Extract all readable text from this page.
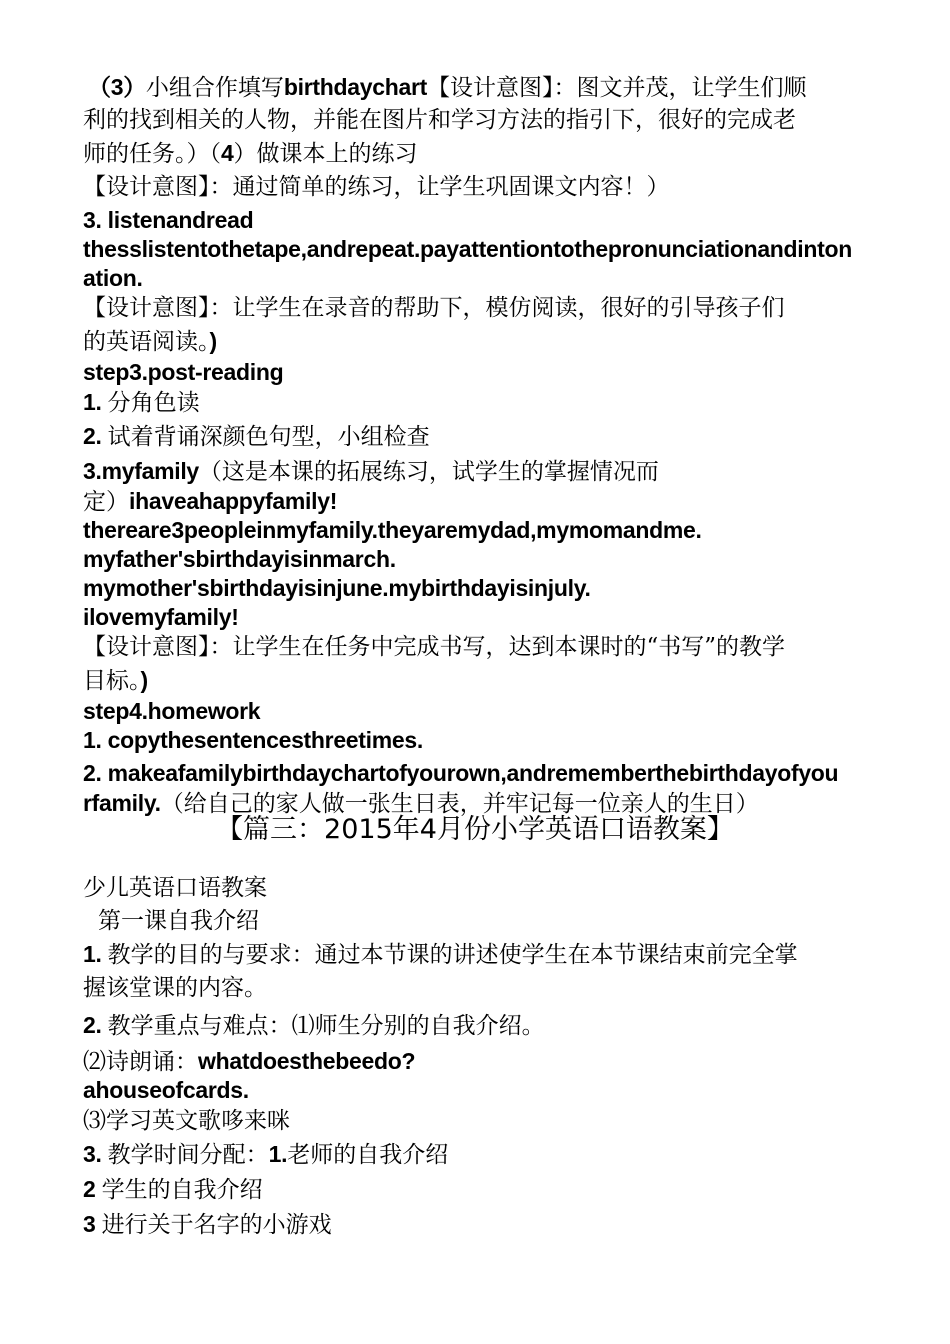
（3）小组合作填写birthdaychart【设计意图】：图文并茂，让学生们顺
利的找到相关的人物，并能在图片和学习方法的指引下，很好的完成老
师的任务。）（4）做课本上的练习
【设计意图】：通过简单的练习，让学生巩固课文内容！）
3. listenandread
thesslistentothetape,andrepeat.payattentiontothepronunciationandinton
ation.
【设计意图】：让学生在录音的帮助下，模仿阅读，很好的引导孩子们
的英语阅读。)
step3.post-reading
1. 分角色读
2. 试着背诵深颜色句型，小组检查
3.myfamily（这是本课的拓展练习，试学生的掌握情况而
定）ihaveahappyfamily!
thereare3peopleinmyfamily.theyaremydad,mymomandme.
myfather'sbirthdayisinmarch.
mymother'sbirthdayisinjune.mybirthdayisinjuly.
ilovemyfamily!
【设计意图】：让学生在任务中完成书写，达到本课时的“书写”的教学
目标。)
step4.homework
1. copythesentencesthreetimes.
2. makeafamilybirthdaychartofyourown,andrememberthebirthdayofyou
rfamily.（给自己的家人做一张生日表，并牢记每一位亲人的生日）
【篇三：2015年4月份小学英语口语教案】
少儿英语口语教案
第一课自我介绍
1. 教学的目的与要求：通过本节课的讲述使学生在本节课结束前完全掌
握该堂课的内容。
2. 教学重点与难点：⑴师生分别的自我介绍。
⑵诗朗诵：whatdoesthebeedo?
ahouseofcards.
⑶学习英文歌哆来咪
3. 教学时间分配：1.老师的自我介绍
2 学生的自我介绍
3 进行关于名字的小游戏
